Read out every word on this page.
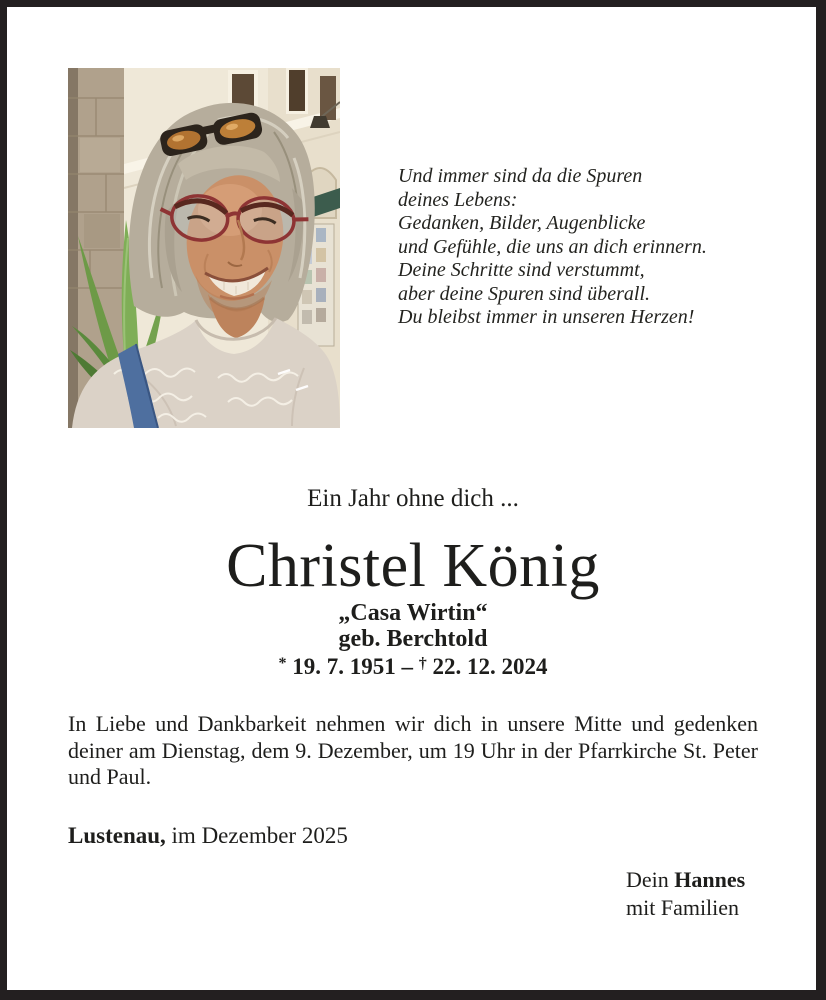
Und immer sind da die Spuren
deines Lebens:
Gedanken, Bilder, Augenblicke
und Gefühle, die uns an dich erinnern.
Deine Schritte sind verstummt,
aber deine Spuren sind überall.
Du bleibst immer in unseren Herzen!
Ein Jahr ohne dich ...
Christel König
„Casa Wirtin“
geb. Berchtold
* 19. 7. 1951 – † 22. 12. 2024
In Liebe und Dankbarkeit nehmen wir dich in unsere Mitte und gedenken deiner am Dienstag, dem 9. Dezember, um 19 Uhr in der Pfarrkirche St. Peter und Paul.
Lustenau, im Dezember 2025
Dein Hannes
mit Familien
